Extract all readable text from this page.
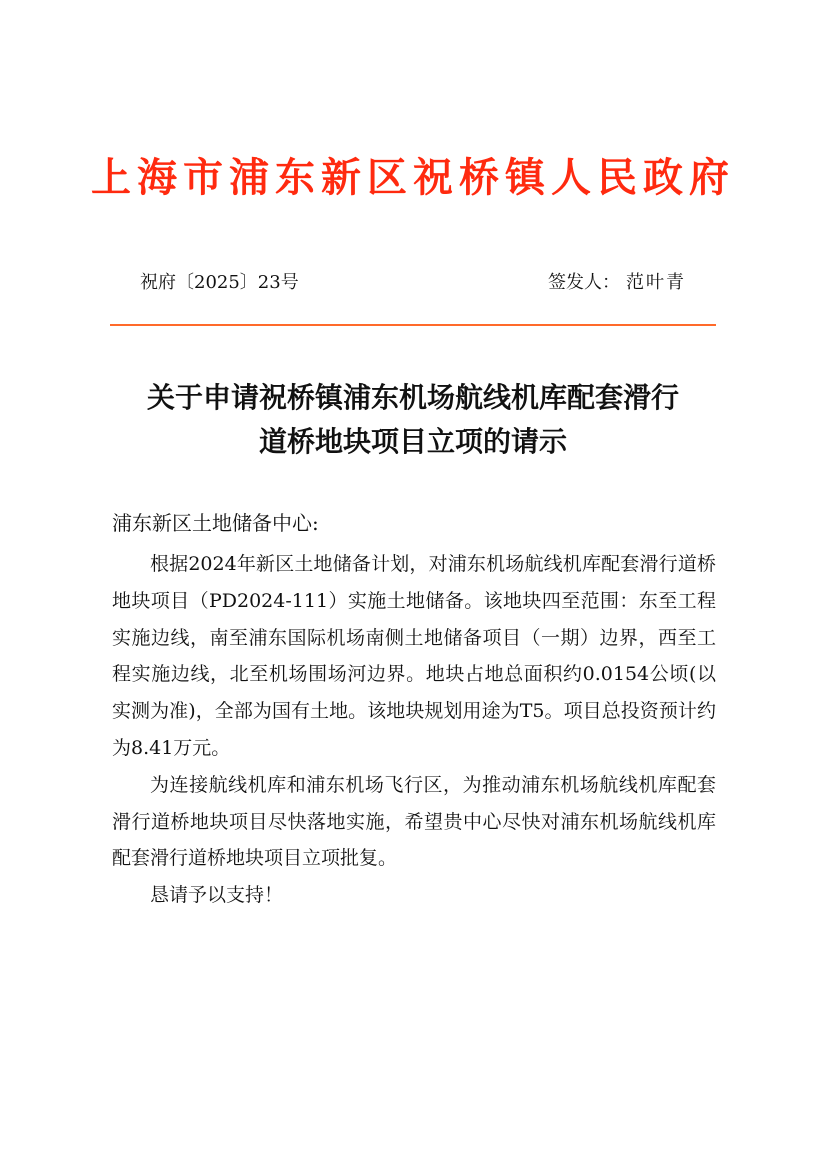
上海市浦东新区祝桥镇人民政府
祝府〔2025〕23号	签发人： 范叶青
关于申请祝桥镇浦东机场航线机库配套滑行
道桥地块项目立项的请示
浦东新区土地储备中心:

根据2024年新区土地储备计划，对浦东机场航线机库配套滑行道桥地块项目（PD2024-111）实施土地储备。该地块四至范围：东至工程实施边线，南至浦东国际机场南侧土地储备项目（一期）边界，西至工程实施边线，北至机场围场河边界。地块占地总面积约0.0154公顷(以实测为准)，全部为国有土地。该地块规划用途为T5。项目总投资预计约为8.41万元。

为连接航线机库和浦东机场飞行区，为推动浦东机场航线机库配套滑行道桥地块项目尽快落地实施，希望贵中心尽快对浦东机场航线机库配套滑行道桥地块项目立项批复。

恳请予以支持！
